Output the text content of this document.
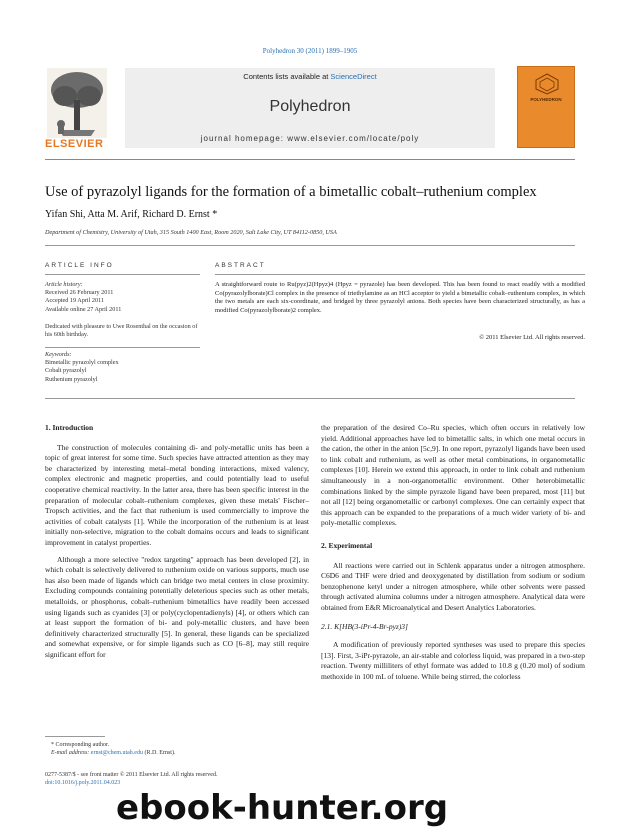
Polyhedron 30 (2011) 1899–1905
ELSEVIER
Contents lists available at ScienceDirect
Polyhedron
journal homepage: www.elsevier.com/locate/poly
POLYHEDRON
Use of pyrazolyl ligands for the formation of a bimetallic cobalt–ruthenium complex
Yifan Shi, Atta M. Arif, Richard D. Ernst *
Department of Chemistry, University of Utah, 315 South 1400 East, Room 2020, Salt Lake City, UT 84112-0850, USA
ARTICLE INFO	ABSTRACT
Article history:
Received 26 February 2011
Accepted 19 April 2011
Available online 27 April 2011
Dedicated with pleasure to Uwe Rosenthal on the occasion of his 60th birthday.
Keywords:
Bimetallic pyrazolyl complex
Cobalt pyrazolyl
Ruthenium pyrazolyl
A straightforward route to Ru(pyz)2(Hpyz)4 (Hpyz = pyrazole) has been developed. This has been found to react readily with a modified Co(pyrazolylborate)Cl complex in the presence of triethylamine as an HCl acceptor to yield a bimetallic cobalt–ruthenium complex, in which the two metals are each six-coordinate, and bridged by three pyrazolyl anions. Both species have been characterized structurally, as has a modified Co(pyrazolylborate)2 complex.
© 2011 Elsevier Ltd. All rights reserved.
1. Introduction

The construction of molecules containing di- and poly-metallic units has been a topic of great interest for some time. Such species have attracted attention as they may be characterized by interesting metal–metal bonding interactions, mixed valency, complex electronic and magnetic properties, and could potentially lead to useful cooperative chemical reactivity. In the latter area, there has been specific interest in the preparation of molecular cobalt–ruthenium complexes, given these metals' Fischer–Tropsch activities, and the fact that ruthenium is used commercially to improve the activities of cobalt catalysts [1]. While the incorporation of the ruthenium is at least initially non-selective, migration to the cobalt domains occurs and leads to significant improvement in catalyst properties.

Although a more selective "redox targeting" approach has been developed [2], in which cobalt is selectively delivered to ruthenium oxide on various supports, much use has also been made of ligands which can bridge two metal centers in close proximity. Excluding compounds containing potentially deleterious species such as other metals, metalloids, or phosphorus, cobalt–ruthenium bimetallics have readily been accessed using ligands such as cyanides [3] or poly(cyclopentadienyls) [4], or others which can at least support the formation of bi- and poly-metallic clusters, and have been definitively characterized structurally [5]. In general, these ligands can be specialized and somewhat expensive, or for simple ligands such as CO [6–8], may still require significant effort for

the preparation of the desired Co–Ru species, which often occurs in relatively low yield. Additional approaches have led to bimetallic salts, in which one metal occurs in the cation, the other in the anion [5c,9]. In one report, pyrazolyl ligands have been used to link cobalt and ruthenium, as well as other metal combinations, in organometallic complexes [10]. Herein we extend this approach, in order to link cobalt and ruthenium simultaneously in a non-organometallic environment. Other heterobimetallic combinations linked by the simple pyrazole ligand have been prepared, most [11] but not all [12] being organometallic or carbonyl complexes. One can certainly expect that this approach can be expanded to the preparations of a much wider variety of bi- and poly-metallic complexes.

2. Experimental

All reactions were carried out in Schlenk apparatus under a nitrogen atmosphere. C6D6 and THF were dried and deoxygenated by distillation from sodium or sodium benzophenone ketyl under a nitrogen atmosphere, while other solvents were passed through activated alumina columns under a nitrogen atmosphere. Analytical data were obtained from E&R Microanalytical and Desert Analytics Laboratories.

2.1. K[HB(3-iPr-4-Br-pyz)3]

A modification of previously reported syntheses was used to prepare this species [13]. First, 3-iPr-pyrazole, an air-stable and colorless liquid, was prepared in a two-step reaction. Twenty milliliters of ethyl formate was added to 10.8 g (0.20 mol) of sodium methoxide in 100 mL of toluene. While being stirred, the colorless

* Corresponding author.
E-mail address: ernst@chem.utah.edu (R.D. Ernst).
0277-5387/$ - see front matter © 2011 Elsevier Ltd. All rights reserved.
doi:10.1016/j.poly.2011.04.023
ebook-hunter.org
